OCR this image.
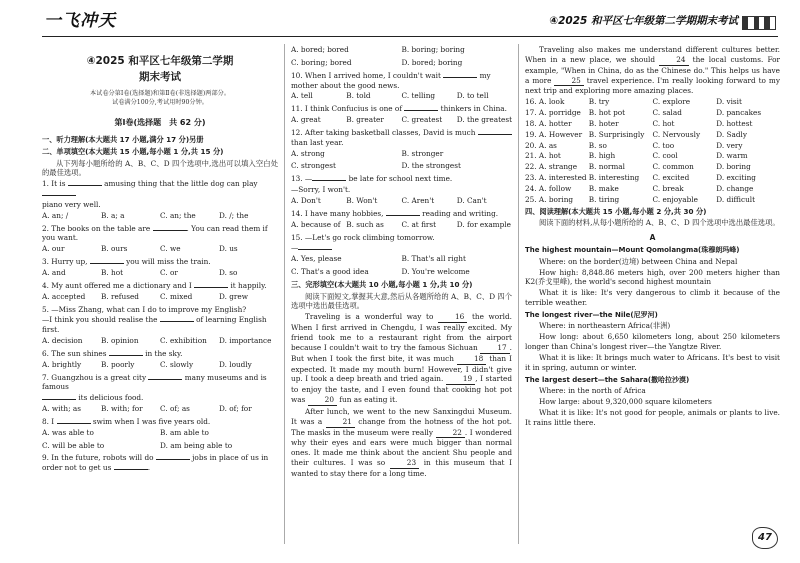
一飞冲天	④2025 和平区七年级第二学期期末考试
④2025 和平区七年级第二学期
期末考试
本试卷分第Ⅰ卷(选择题)和第Ⅱ卷(非选择题)两部分。
试卷满分100分,考试用时90分钟。
第Ⅰ卷(选择题　共 62 分)
一、听力理解(本大题共 17 小题,满分 17 分)另册
二、单项填空(本大题共 15 小题,每小题 1 分,共 15 分)
从下列每小题所给的 A、B、C、D 四个选项中,选出可以填入空白处的最佳选项。
1. It is	amusing thing that the little dog can play
piano very well.
A. an; /	B. a; a	C. an; the	D. /; the
2. The books on the table are	. You can read them if you want.
A. our	B. ours	C. we	D. us
3. Hurry up,	you will miss the train.
A. and	B. hot	C. or	D. so
4. My aunt offered me a dictionary and I	it happily.
A. accepted	B. refused	C. mixed	D. grew
5. —Miss Zhang, what can I do to improve my English?
—I think you should realise the	of learning English first.
A. decision	B. opinion	C. exhibition	D. importance
6. The sun shines	in the sky.
A. brightly	B. poorly	C. slowly	D. loudly
7. Guangzhou is a great city	many museums and is famous
its delicious food.
A. with; as	B. with; for	C. of; as	D. of; for
8. I	swim when I was five years old.
A. was able to	B. am able to
C. will be able to	D. am being able to
9. In the future, robots will do	jobs in place of us in order not to get us	.
A. bored; bored	B. boring; boring
C. boring; bored	D. bored; boring
10. When I arrived home, I couldn't wait	my mother about the good news.
A. tell	B. told	C. telling	D. to tell
11. I think Confucius is one of	thinkers in China.
A. great	B. greater	C. greatest	D. the greatest
12. After taking basketball classes, David is much  than last year.
A. strong	B. stronger
C. strongest	D. the strongest
13. —	be late for school next time.
—Sorry, I won't.
A. Don't	B. Won't	C. Aren't	D. Can't
14. I have many hobbies,	reading and writing.
A. because of B. such as	C. at first	D. for example
15. —Let's go rock climbing tomorrow.
—
A. Yes, please	B. That's all right
C. That's a good idea	D. You're welcome
三、完形填空(本大题共 10 小题,每小题 1 分,共 10 分)
阅读下面短文,掌握其大意,然后从各题所给的 A、B、C、D 四个选项中选出最佳选项。
Traveling is a wonderful way to	16 the world. When I first arrived in Chengdu, I was really excited. My friend took me to a restaurant right from the airport because I couldn't wait to try the famous Sichuan	17 . But when I took the first bite, it was much	18 than I expected. It made my mouth burn! However, I didn't give up. I took a deep breath and tried again.	19 , I started to enjoy the taste, and I even found that cooking hot pot was	20 fun as eating it.
After lunch, we went to the new Sanxingdui Museum. It was a	21 change from the hotness of the hot pot. The masks in the museum were really	22 . I wondered why their eyes and ears were much bigger than normal ones. It made me think about the ancient Shu people and their cultures. I was so	23 in this museum that I wanted to stay there for a long time.
Traveling also makes me understand different cultures better. When in a new place, we should	24 the local customs. For example, "When in China, do as the Chinese do." This helps us have a more	25 travel experience. I'm really looking forward to my next trip and exploring more amazing places.
16. A. look	B. try	C. explore	D. visit
17. A. porridge	B. hot pot	C. salad	D. pancakes
18. A. hotter	B. hoter	C. hot	D. hottest
19. A. However B. Surprisingly	C. Nervously	D. Sadly
20. A. as	B. so	C. too	D. very
21. A. hot	B. high	C. cool	D. warm
22. A. strange	B. normal	C. common	D. boring
23. A. interested B. interesting	C. excited	D. exciting
24. A. follow	B. make	C. break	D. change
25. A. boring	B. tiring	C. enjoyable	D. difficult
四、阅读理解(本大题共 15 小题,每小题 2 分,共 30 分)
阅读下面的材料,从每小题所给的 A、B、C、D 四个选项中选出最佳选项。
A
The highest mountain—Mount Qomolangma(珠穆朗玛峰)
Where: on the border(边境) between China and Nepal
How high: 8,848.86 meters high, over 200 meters higher than K2(乔戈里峰), the world's second highest mountain
What it is like: It's very dangerous to climb it because of the terrible weather.
The longest river—the Nile(尼罗河)
Where: in northeastern Africa(非洲)
How long: about 6,650 kilometers long, about 250 kilometers longer than China's longest river—the Yangtze River.
What it is like: It brings much water to Africans. It's best to visit it in spring, autumn or winter.
The largest desert—the Sahara(撒哈拉沙漠)
Where: in the north of Africa
How large: about 9,320,000 square kilometers
What it is like: It's not good for people, animals or plants to live. It rains little there.
47
